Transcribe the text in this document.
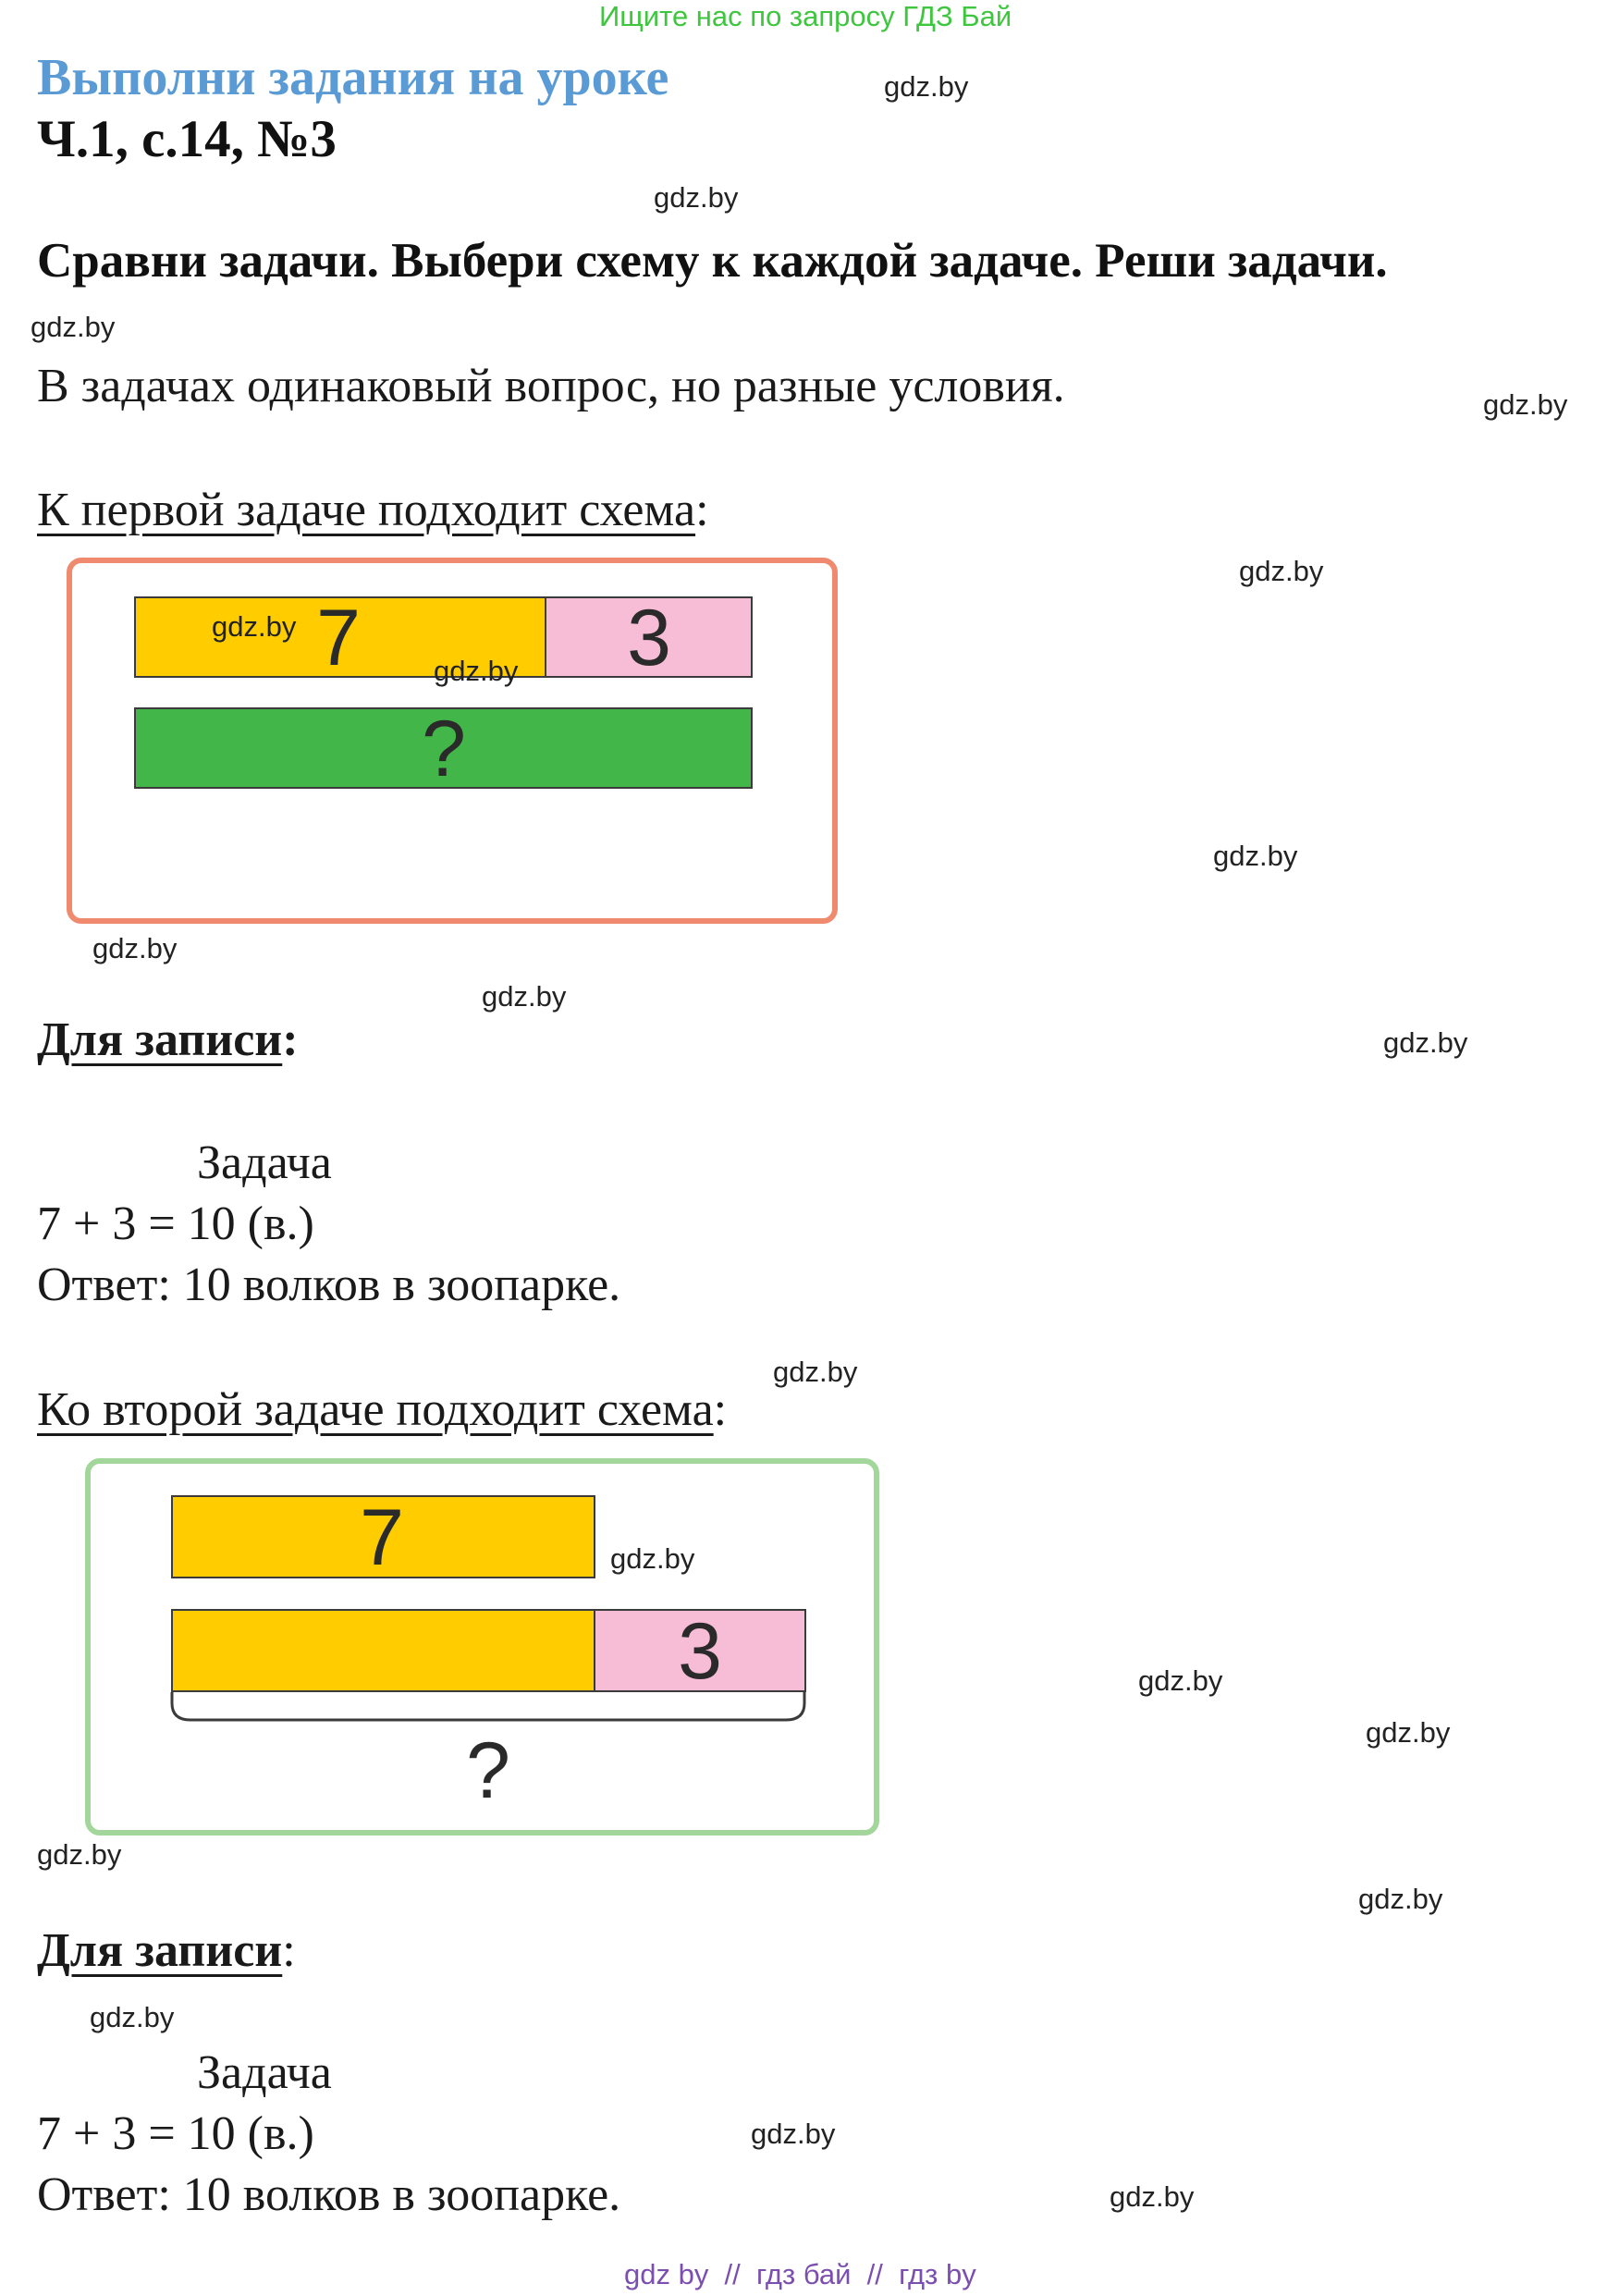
Ищите нас по запросу ГДЗ Бай
Выполни задания на уроке
Ч.1, с.14, №3
Сравни задачи. Выбери схему к каждой задаче. Реши задачи.
В задачах одинаковый вопрос, но разные условия.
К первой задаче подходит схема:
7	3
?
Для записи:
Задача
7 + 3 = 10 (в.)
Ответ: 10 волков в зоопарке.
Ко второй задаче подходит схема:
7
3
?
Для записи:
Задача
7 + 3 = 10 (в.)
Ответ: 10 волков в зоопарке.
gdz.by
gdz.by
gdz.by
gdz.by
gdz.by
gdz.by
gdz.by
gdz.by
gdz.by
gdz.by
gdz.by
gdz.by
gdz.by
gdz.by
gdz.by
gdz.by
gdz.by
gdz.by
gdz.by
gdz.by
gdz by  //  гдз бай  //  гдз by
